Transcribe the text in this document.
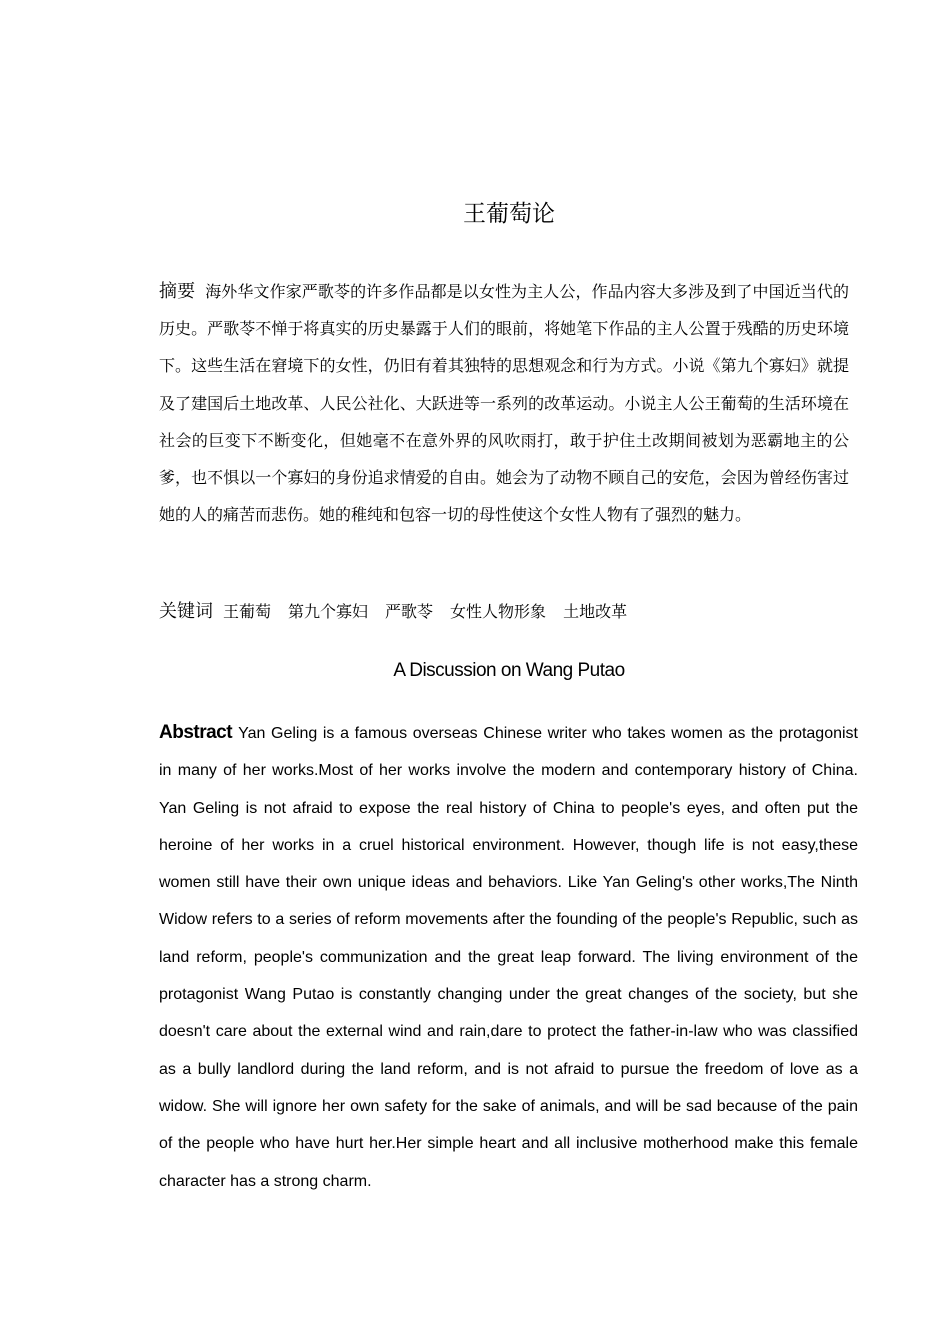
王葡萄论

摘要 海外华文作家严歌苓的许多作品都是以女性为主人公，作品内容大多涉及到了中国近当代的历史。严歌苓不惮于将真实的历史暴露于人们的眼前，将她笔下作品的主人公置于残酷的历史环境下。这些生活在窘境下的女性，仍旧有着其独特的思想观念和行为方式。小说《第九个寡妇》就提及了建国后土地改革、人民公社化、大跃进等一系列的改革运动。小说主人公王葡萄的生活环境在社会的巨变下不断变化，但她毫不在意外界的风吹雨打，敢于护住土改期间被划为恶霸地主的公爹，也不惧以一个寡妇的身份追求情爱的自由。她会为了动物不顾自己的安危，会因为曾经伤害过她的人的痛苦而悲伤。她的稚纯和包容一切的母性使这个女性人物有了强烈的魅力。

关键词 王葡萄 第九个寡妇 严歌苓 女性人物形象 土地改革

A Discussion on Wang Putao

Abstract Yan Geling is a famous overseas Chinese writer who takes women as the protagonist in many of her works.Most of her works involve the modern and contemporary history of China. Yan Geling is not afraid to expose the real history of China to people's eyes, and often put the heroine of her works in a cruel historical environment. However, though life is not easy,these women still have their own unique ideas and behaviors. Like Yan Geling's other works,The Ninth Widow refers to a series of reform movements after the founding of the people's Republic, such as land reform, people's communization and the great leap forward. The living environment of the protagonist Wang Putao is constantly changing under the great changes of the society, but she doesn't care about the external wind and rain,dare to protect the father-in-law who was classified as a bully landlord during the land reform, and is not afraid to pursue the freedom of love as a widow. She will ignore her own safety for the sake of animals, and will be sad because of the pain of the people who have hurt her.Her simple heart and all inclusive motherhood make this female character has a strong charm.
